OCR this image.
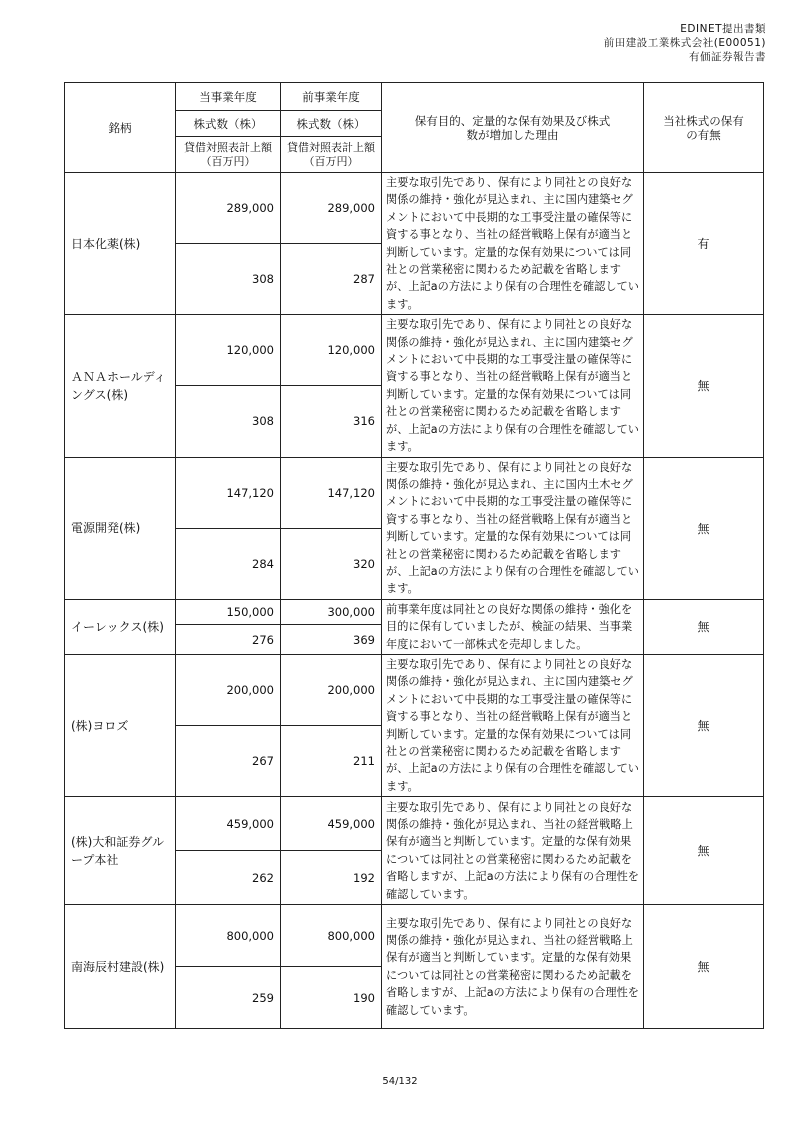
EDINET提出書類
前田建設工業株式会社(E00051)
有価証券報告書
銘柄	当事業年度	前事業年度	保有目的、定量的な保有効果及び株式数が増加した理由	当社株式の保有の有無
	株式数（株）	株式数（株）		
	貸借対照表計上額（百万円）	貸借対照表計上額（百万円）		
日本化薬(株)	289,000	289,000	主要な取引先であり、保有により同社との良好な関係の維持・強化が見込まれ、主に国内建築セグメントにおいて中長期的な工事受注量の確保等に資する事となり、当社の経営戦略上保有が適当と判断しています。定量的な保有効果については同社との営業秘密に関わるため記載を省略しますが、上記aの方法により保有の合理性を確認しています。	有
	308	287		
ＡＮＡホールディングス(株)	120,000	120,000	主要な取引先であり、保有により同社との良好な関係の維持・強化が見込まれ、主に国内建築セグメントにおいて中長期的な工事受注量の確保等に資する事となり、当社の経営戦略上保有が適当と判断しています。定量的な保有効果については同社との営業秘密に関わるため記載を省略しますが、上記aの方法により保有の合理性を確認しています。	無
	308	316		
電源開発(株)	147,120	147,120	主要な取引先であり、保有により同社との良好な関係の維持・強化が見込まれ、主に国内土木セグメントにおいて中長期的な工事受注量の確保等に資する事となり、当社の経営戦略上保有が適当と判断しています。定量的な保有効果については同社との営業秘密に関わるため記載を省略しますが、上記aの方法により保有の合理性を確認しています。	無
	284	320		
イーレックス(株)	150,000	300,000	前事業年度は同社との良好な関係の維持・強化を目的に保有していましたが、検証の結果、当事業年度において一部株式を売却しました。	無
	276	369		
(株)ヨロズ	200,000	200,000	主要な取引先であり、保有により同社との良好な関係の維持・強化が見込まれ、主に国内建築セグメントにおいて中長期的な工事受注量の確保等に資する事となり、当社の経営戦略上保有が適当と判断しています。定量的な保有効果については同社との営業秘密に関わるため記載を省略しますが、上記aの方法により保有の合理性を確認しています。	無
	267	211		
(株)大和証券グループ本社	459,000	459,000	主要な取引先であり、保有により同社との良好な関係の維持・強化が見込まれ、当社の経営戦略上保有が適当と判断しています。定量的な保有効果については同社との営業秘密に関わるため記載を省略しますが、上記aの方法により保有の合理性を確認しています。	無
	262	192		
南海辰村建設(株)	800,000	800,000	主要な取引先であり、保有により同社との良好な関係の維持・強化が見込まれ、当社の経営戦略上保有が適当と判断しています。定量的な保有効果については同社との営業秘密に関わるため記載を省略しますが、上記aの方法により保有の合理性を確認しています。	無
	259	190		
54/132
